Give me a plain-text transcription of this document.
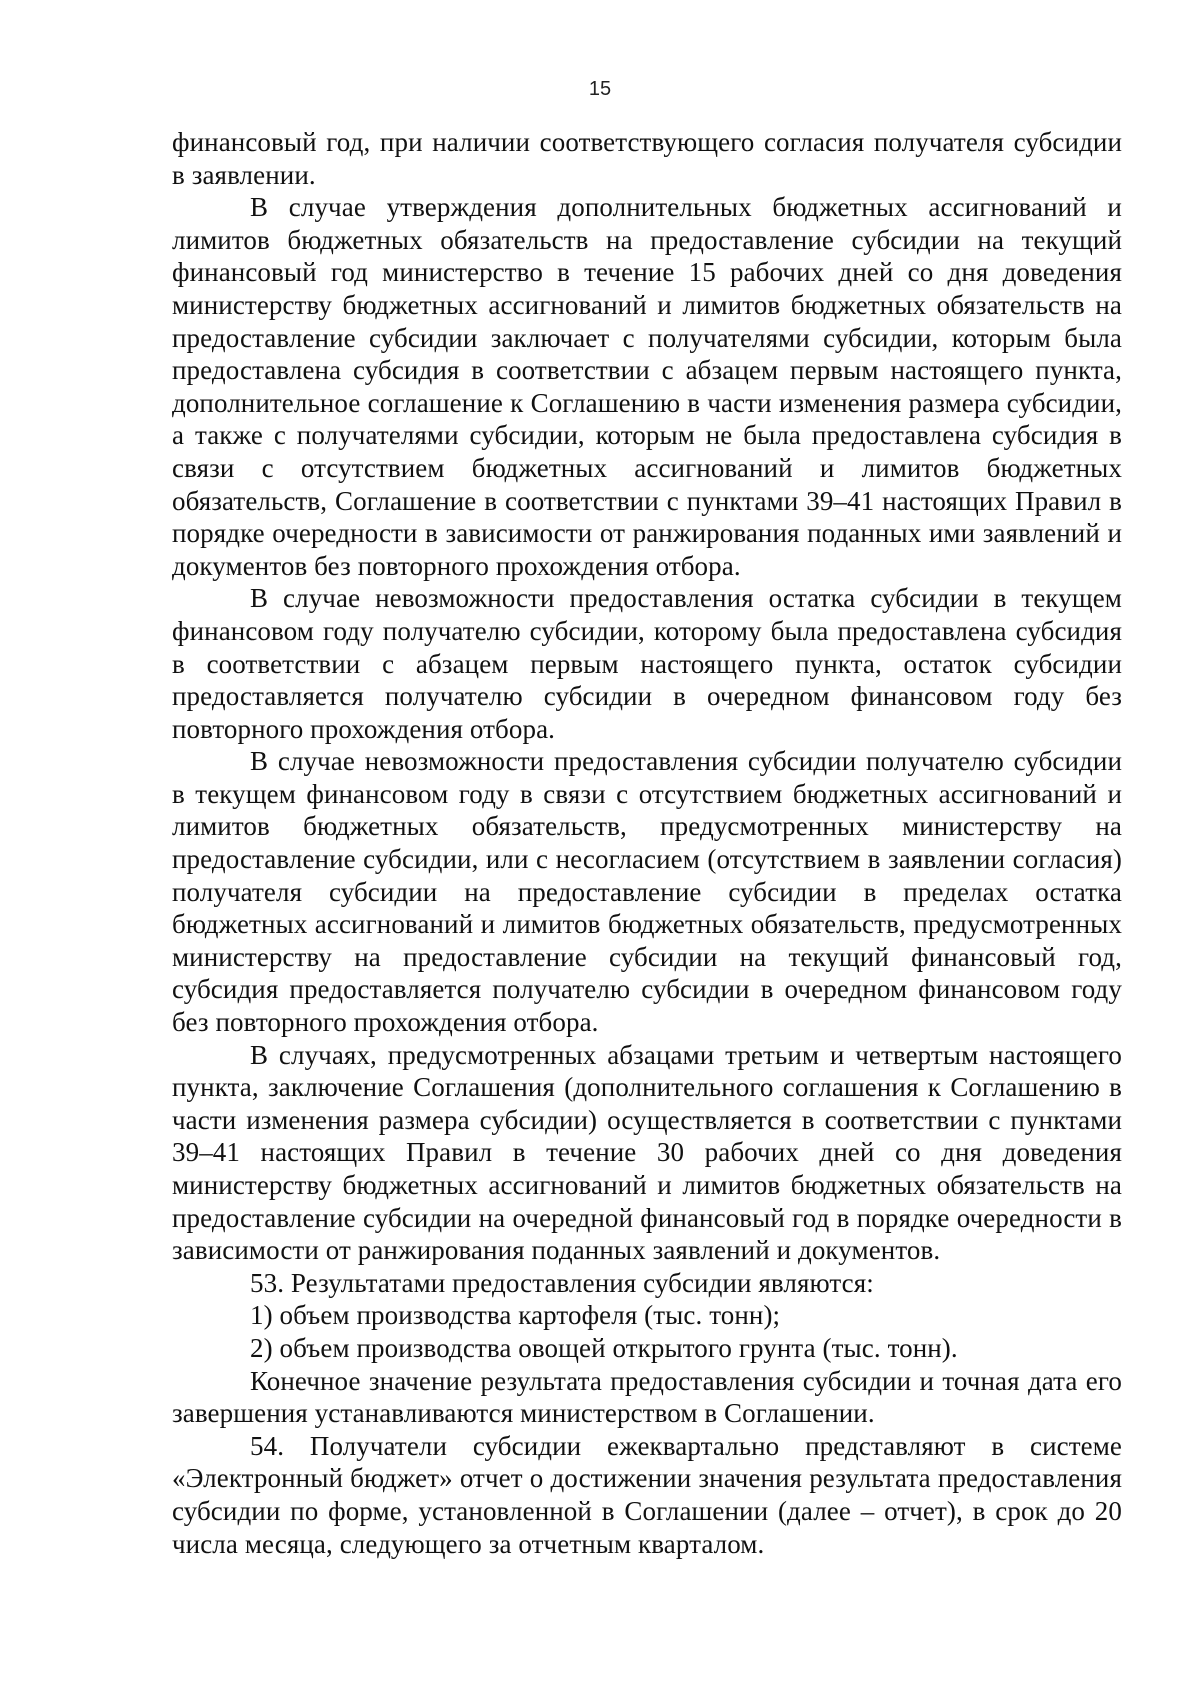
15

финансовый год, при наличии соответствующего согласия получателя субсидии в заявлении.

В случае утверждения дополнительных бюджетных ассигнований и лимитов бюджетных обязательств на предоставление субсидии на текущий финансовый год министерство в течение 15 рабочих дней со дня доведения министерству бюджетных ассигнований и лимитов бюджетных обязательств на предоставление субсидии заключает с получателями субсидии, которым была предоставлена субсидия в соответствии с абзацем первым настоящего пункта, дополнительное соглашение к Соглашению в части изменения размера субсидии, а также с получателями субсидии, которым не была предоставлена субсидия в связи с отсутствием бюджетных ассигнований и лимитов бюджетных обязательств, Соглашение в соответствии с пунктами 39–41 настоящих Правил в порядке очередности в зависимости от ранжирования поданных ими заявлений и документов без повторного прохождения отбора.

В случае невозможности предоставления остатка субсидии в текущем финансовом году получателю субсидии, которому была предоставлена субсидия в соответствии с абзацем первым настоящего пункта, остаток субсидии предоставляется получателю субсидии в очередном финансовом году без повторного прохождения отбора.

В случае невозможности предоставления субсидии получателю субсидии в текущем финансовом году в связи с отсутствием бюджетных ассигнований и лимитов бюджетных обязательств, предусмотренных министерству на предоставление субсидии, или с несогласием (отсутствием в заявлении согласия) получателя субсидии на предоставление субсидии в пределах остатка бюджетных ассигнований и лимитов бюджетных обязательств, предусмотренных министерству на предоставление субсидии на текущий финансовый год, субсидия предоставляется получателю субсидии в очередном финансовом году без повторного прохождения отбора.

В случаях, предусмотренных абзацами третьим и четвертым настоящего пункта, заключение Соглашения (дополнительного соглашения к Соглашению в части изменения размера субсидии) осуществляется в соответствии с пунктами 39–41 настоящих Правил в течение 30 рабочих дней со дня доведения министерству бюджетных ассигнований и лимитов бюджетных обязательств на предоставление субсидии на очередной финансовый год в порядке очередности в зависимости от ранжирования поданных заявлений и документов.

53. Результатами предоставления субсидии являются:

1) объем производства картофеля (тыс. тонн);

2) объем производства овощей открытого грунта (тыс. тонн).

Конечное значение результата предоставления субсидии и точная дата его завершения устанавливаются министерством в Соглашении.

54. Получатели субсидии ежеквартально представляют в системе «Электронный бюджет» отчет о достижении значения результата предоставления субсидии по форме, установленной в Соглашении (далее – отчет), в срок до 20 числа месяца, следующего за отчетным кварталом.
